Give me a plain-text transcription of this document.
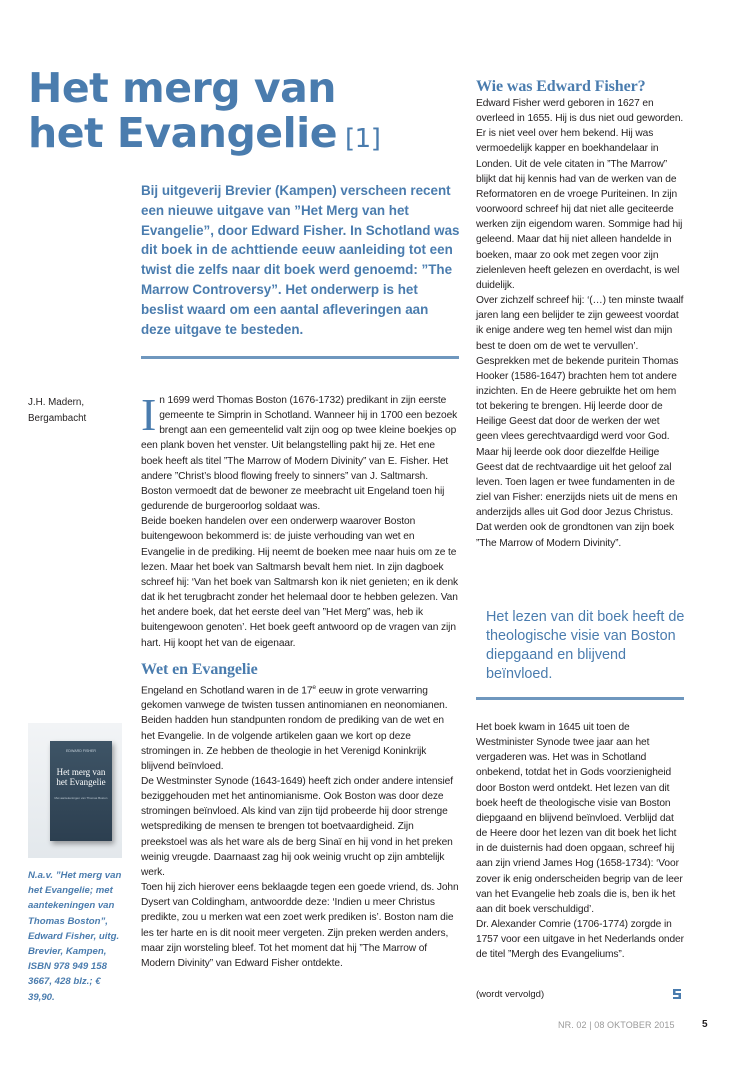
Het merg van
het Evangelie [1]

Bij uitgeverij Brevier (Kampen) verscheen recent een nieuwe uitgave van ”Het Merg van het Evangelie”, door Edward Fisher. In Schotland was dit boek in de achttiende eeuw aanleiding tot een twist die zelfs naar dit boek werd genoemd: ”The Marrow Controversy”. Het onderwerp is het beslist waard om een aantal afleveringen aan deze uitgave te besteden.

J.H. Madern, Bergambacht	In 1699 werd Thomas Boston (1676-1732) predikant in zijn eerste gemeente te Simprin in Schotland. Wanneer hij in 1700 een bezoek brengt aan een gemeentelid valt zijn oog op twee kleine boekjes op een plank boven het venster. Uit belangstelling pakt hij ze. Het ene boek heeft als titel ”The Marrow of Modern Divinity” van E. Fisher. Het andere ”Christ’s blood flowing freely to sinners” van J. Saltmarsh. Boston vermoedt dat de bewoner ze meebracht uit Engeland toen hij gedurende de burgeroorlog soldaat was.

Beide boeken handelen over een onderwerp waarover Boston buitengewoon bekommerd is: de juiste verhouding van wet en Evangelie in de prediking. Hij neemt de boeken mee naar huis om ze te lezen. Maar het boek van Saltmarsh bevalt hem niet. In zijn dagboek schreef hij: ‘Van het boek van Saltmarsh kon ik niet genieten; en ik denk dat ik het terugbracht zonder het helemaal door te hebben gelezen. Van het andere boek, dat het eerste deel van ”Het Merg” was, heb ik buitengewoon genoten’. Het boek geeft antwoord op de vragen van zijn hart. Hij koopt het van de eigenaar.

Wet en Evangelie

Engeland en Schotland waren in de 17e eeuw in grote verwarring gekomen vanwege de twisten tussen antinomianen en neonomianen. Beiden hadden hun standpunten rondom de prediking van de wet en het Evangelie. In de volgende artikelen gaan we kort op deze stromingen in. Ze hebben de theologie in het Verenigd Koninkrijk blijvend beïnvloed.

De Westminster Synode (1643-1649) heeft zich onder andere intensief beziggehouden met het antinomianisme. Ook Boston was door deze stromingen beïnvloed. Als kind van zijn tijd probeerde hij door strenge wetsprediking de mensen te brengen tot boetvaardigheid. Zijn preekstoel was als het ware als de berg Sinaï en hij vond in het preken weinig vreugde. Daarnaast zag hij ook weinig vrucht op zijn ambtelijk werk.

Toen hij zich hierover eens beklaagde tegen een goede vriend, ds. John Dysert van Coldingham, antwoordde deze: ‘Indien u meer Christus predikte, zou u merken wat een zoet werk prediken is’. Boston nam die les ter harte en is dit nooit meer vergeten. Zijn preken werden anders, maar zijn worsteling bleef. Tot het moment dat hij ”The Marrow of Modern Divinity” van Edward Fisher ontdekte.

Wie was Edward Fisher?

Edward Fisher werd geboren in 1627 en overleed in 1655. Hij is dus niet oud geworden. Er is niet veel over hem bekend. Hij was vermoedelijk kapper en boekhandelaar in Londen. Uit de vele citaten in ”The Marrow” blijkt dat hij kennis had van de werken van de Reformatoren en de vroege Puriteinen. In zijn voorwoord schreef hij dat niet alle geciteerde werken zijn eigendom waren. Sommige had hij geleend. Maar dat hij niet alleen handelde in boeken, maar zo ook met zegen voor zijn zielenleven heeft gelezen en overdacht, is wel duidelijk.

Over zichzelf schreef hij: ‘(…) ten minste twaalf jaren lang een belijder te zijn geweest voordat ik enige andere weg ten hemel wist dan mijn best te doen om de wet te vervullen’. Gesprekken met de bekende puritein Thomas Hooker (1586-1647) brachten hem tot andere inzichten. En de Heere gebruikte het om hem tot bekering te brengen. Hij leerde door de Heilige Geest dat door de werken der wet geen vlees gerechtvaardigd werd voor God. Maar hij leerde ook door diezelfde Heilige Geest dat de rechtvaardige uit het geloof zal leven. Toen lagen er twee fundamenten in de ziel van Fisher: enerzijds niets uit de mens en anderzijds alles uit God door Jezus Christus. Dat werden ook de grondtonen van zijn boek ”The Marrow of Modern Divinity”.

Het lezen van dit boek heeft de theologische visie van Boston diepgaand en blijvend beïnvloed.

Het boek kwam in 1645 uit toen de Westminister Synode twee jaar aan het vergaderen was. Het was in Schotland onbekend, totdat het in Gods voorzienigheid door Boston werd ontdekt. Het lezen van dit boek heeft de theologische visie van Boston diepgaand en blijvend beïnvloed. Verblijd dat de Heere door het lezen van dit boek het licht in de duisternis had doen opgaan, schreef hij aan zijn vriend James Hog (1658-1734): ‘Voor zover ik enig onderscheiden begrip van de leer van het Evangelie heb zoals die is, ben ik het aan dit boek verschuldigd’.

Dr. Alexander Comrie (1706-1774) zorgde in 1757 voor een uitgave in het Nederlands onder de titel ”Mergh des Evangeliums”.

(wordt vervolgd)
EDWARD FISHER
Het merg van het Evangelie
Met aantekeningen van Thomas Boston

N.a.v. ”Het merg van het Evangelie; met aantekeningen van Thomas Boston”, Edward Fisher, uitg. Brevier, Kampen, ISBN 978 949 158 3667, 428 blz.; € 39,90.

NR. 02 | 08 OKTOBER 2015	5
